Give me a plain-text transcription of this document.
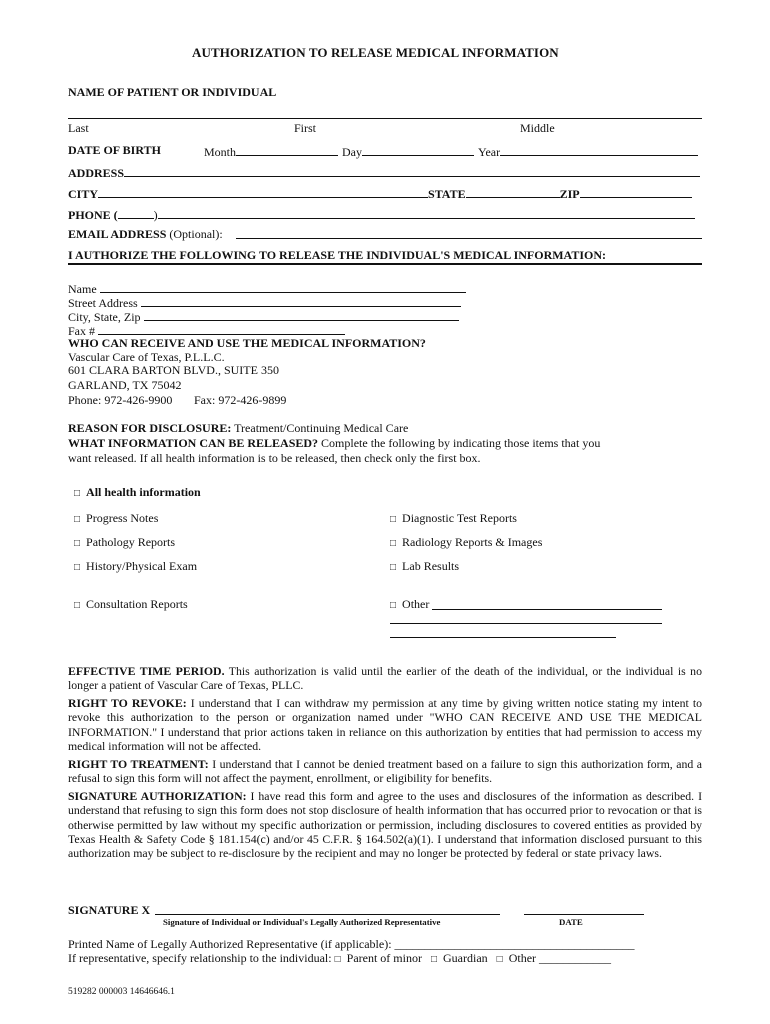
AUTHORIZATION TO RELEASE MEDICAL INFORMATION
NAME OF PATIENT OR INDIVIDUAL
Last	First	Middle
DATE OF BIRTH	Month	Day	Year
ADDRESS
CITY	STATE	ZIP
PHONE (	)
EMAIL ADDRESS (Optional):
I AUTHORIZE THE FOLLOWING TO RELEASE THE INDIVIDUAL'S MEDICAL INFORMATION:
Name
Street Address
City, State, Zip
Fax #
WHO CAN RECEIVE AND USE THE MEDICAL INFORMATION?
Vascular Care of Texas, P.L.L.C.
601 CLARA BARTON BLVD., SUITE 350
GARLAND, TX 75042
Phone: 972-426-9900 Fax: 972-426-9899
REASON FOR DISCLOSURE: Treatment/Continuing Medical Care
WHAT INFORMATION CAN BE RELEASED? Complete the following by indicating those items that you
want released. If all health information is to be released, then check only the first box.
□ All health information
□ Progress Notes	□ Diagnostic Test Reports
□ Pathology Reports	□ Radiology Reports & Images
□ History/Physical Exam	□ Lab Results
□ Consultation Reports	□ Other
EFFECTIVE TIME PERIOD. This authorization is valid until the earlier of the death of the individual, or the individual is no longer a patient of Vascular Care of Texas, PLLC.
RIGHT TO REVOKE: I understand that I can withdraw my permission at any time by giving written notice stating my intent to revoke this authorization to the person or organization named under "WHO CAN RECEIVE AND USE THE MEDICAL INFORMATION." I understand that prior actions taken in reliance on this authorization by entities that had permission to access my medical information will not be affected.
RIGHT TO TREATMENT: I understand that I cannot be denied treatment based on a failure to sign this authorization form, and a refusal to sign this form will not affect the payment, enrollment, or eligibility for benefits.
SIGNATURE AUTHORIZATION: I have read this form and agree to the uses and disclosures of the information as described. I understand that refusing to sign this form does not stop disclosure of health information that has occurred prior to revocation or that is otherwise permitted by law without my specific authorization or permission, including disclosures to covered entities as provided by Texas Health & Safety Code § 181.154(c) and/or 45 C.F.R. § 164.502(a)(1). I understand that information disclosed pursuant to this authorization may be subject to re-disclosure by the recipient and may no longer be protected by federal or state privacy laws.
SIGNATURE X
Signature of Individual or Individual's Legally Authorized Representative	DATE
Printed Name of Legally Authorized Representative (if applicable): ________________________________________
If representative, specify relationship to the individual: □ Parent of minor □ Guardian □ Other ____________
519282 000003 14646646.1
